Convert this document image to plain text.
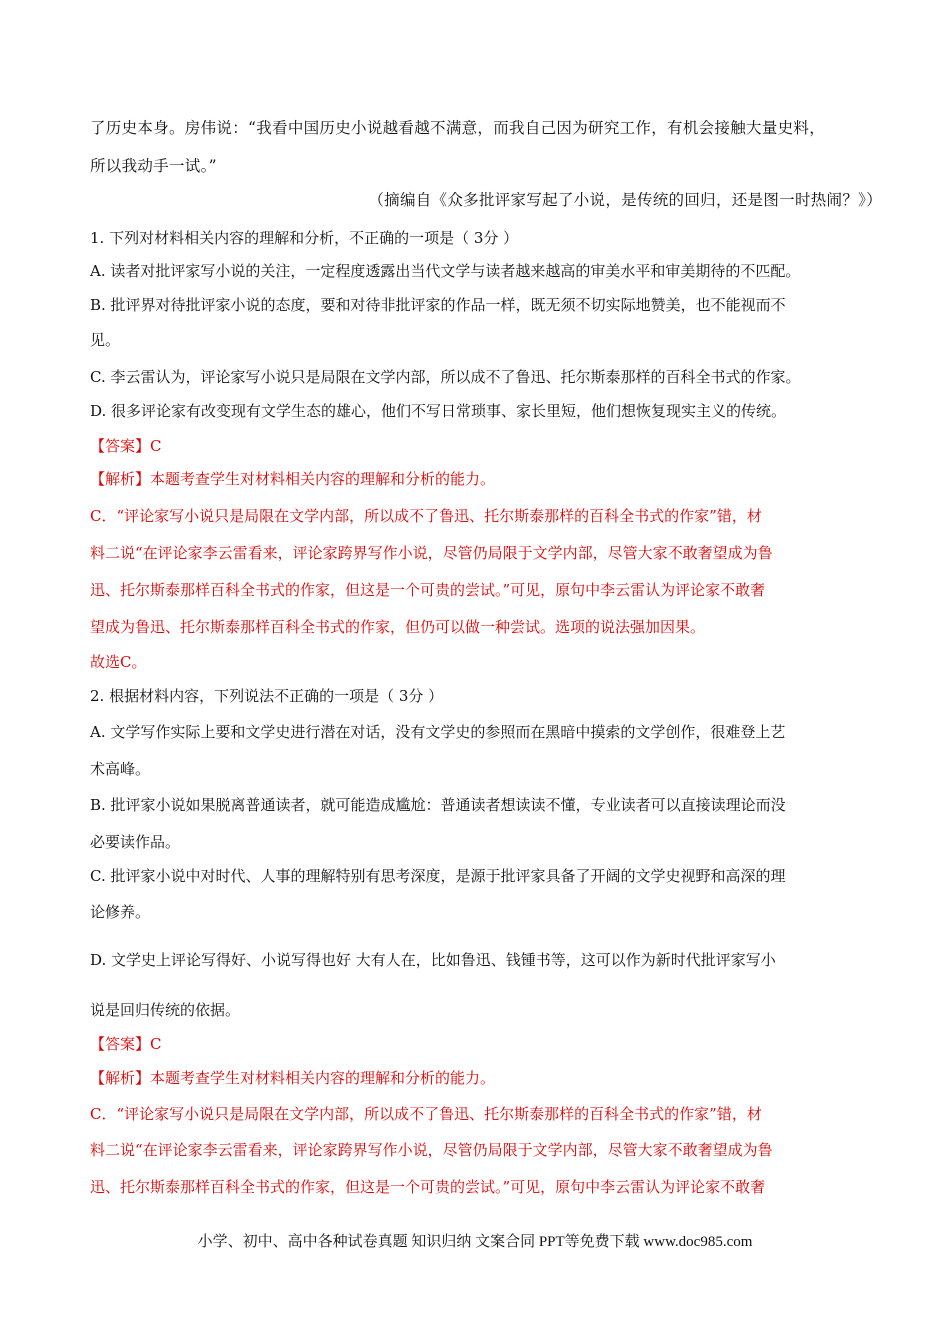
了历史本身。房伟说：“我看中国历史小说越看越不满意，而我自己因为研究工作，有机会接触大量史料，
所以我动手一试。”
（摘编自《众多批评家写起了小说，是传统的回归，还是图一时热闹？》）
1. 下列对材料相关内容的理解和分析，不正确的一项是（ 3分 ）
A. 读者对批评家写小说的关注，一定程度透露出当代文学与读者越来越高的审美水平和审美期待的不匹配。
B. 批评界对待批评家小说的态度，要和对待非批评家的作品一样，既无须不切实际地赞美，也不能视而不
见。
C. 李云雷认为，评论家写小说只是局限在文学内部，所以成不了鲁迅、托尔斯泰那样的百科全书式的作家。
D. 很多评论家有改变现有文学生态的雄心，他们不写日常琐事、家长里短，他们想恢复现实主义的传统。
【答案】C
【解析】本题考查学生对材料相关内容的理解和分析的能力。
C．“评论家写小说只是局限在文学内部，所以成不了鲁迅、托尔斯泰那样的百科全书式的作家”错，材
料二说“在评论家李云雷看来，评论家跨界写作小说，尽管仍局限于文学内部，尽管大家不敢奢望成为鲁
迅、托尔斯泰那样百科全书式的作家，但这是一个可贵的尝试。”可见，原句中李云雷认为评论家不敢奢
望成为鲁迅、托尔斯泰那样百科全书式的作家，但仍可以做一种尝试。选项的说法强加因果。
故选C。
2. 根据材料内容，下列说法不正确的一项是（ 3分 ）
A. 文学写作实际上要和文学史进行潜在对话，没有文学史的参照而在黑暗中摸索的文学创作，很难登上艺
术高峰。
B. 批评家小说如果脱离普通读者，就可能造成尴尬：普通读者想读读不懂，专业读者可以直接读理论而没
必要读作品。
C. 批评家小说中对时代、人事的理解特别有思考深度，是源于批评家具备了开阔的文学史视野和高深的理
论修养。
D. 文学史上评论写得好、小说写得也好 大有人在，比如鲁迅、钱锺书等，这可以作为新时代批评家写小
说是回归传统的依据。
【答案】C
【解析】本题考查学生对材料相关内容的理解和分析的能力。
C．“评论家写小说只是局限在文学内部，所以成不了鲁迅、托尔斯泰那样的百科全书式的作家”错，材
料二说“在评论家李云雷看来，评论家跨界写作小说，尽管仍局限于文学内部，尽管大家不敢奢望成为鲁
迅、托尔斯泰那样百科全书式的作家，但这是一个可贵的尝试。”可见，原句中李云雷认为评论家不敢奢
小学、初中、高中各种试卷真题 知识归纳 文案合同 PPT等免费下载 www.doc985.com
